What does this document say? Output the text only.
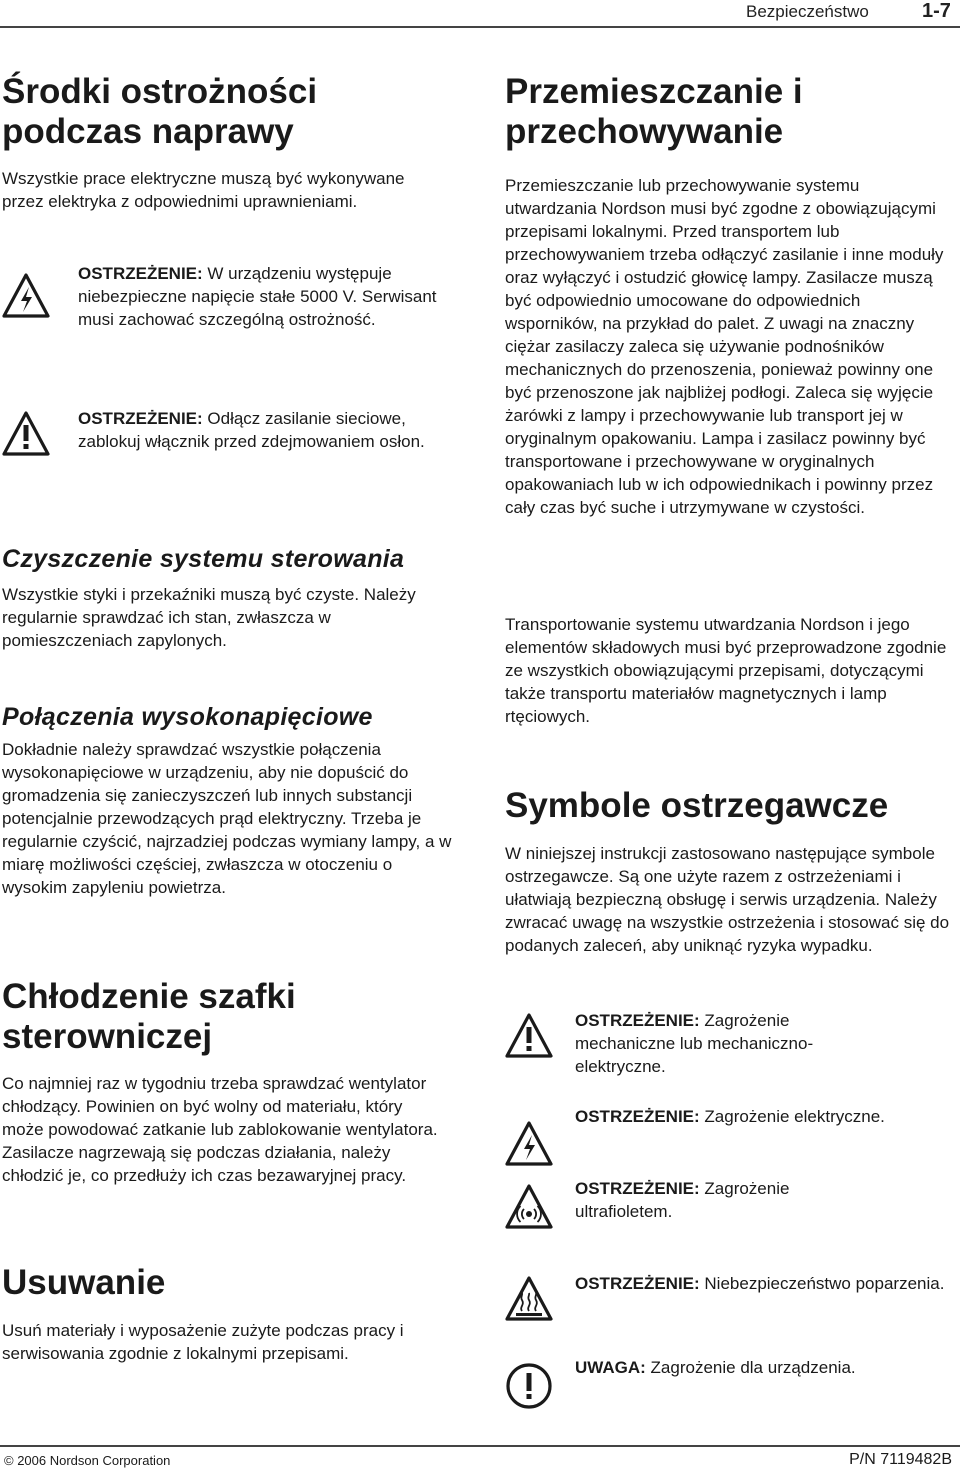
Bezpieczeństwo	1-7
Środki ostrożności podczas naprawy

Wszystkie prace elektryczne muszą być wykonywane przez elektryka z odpowiednimi uprawnieniami.

OSTRZEŻENIE: W urządzeniu występuje niebezpieczne napięcie stałe 5000 V. Serwisant musi zachować szczególną ostrożność.

OSTRZEŻENIE: Odłącz zasilanie sieciowe, zablokuj włącznik przed zdejmowaniem osłon.

Czyszczenie systemu sterowania

Wszystkie styki i przekaźniki muszą być czyste. Należy regularnie sprawdzać ich stan, zwłaszcza w pomieszczeniach zapylonych.

Połączenia wysokonapięciowe

Dokładnie należy sprawdzać wszystkie połączenia wysokonapięciowe w urządzeniu, aby nie dopuścić do gromadzenia się zanieczyszczeń lub innych substancji potencjalnie przewodzących prąd elektryczny. Trzeba je regularnie czyścić, najrzadziej podczas wymiany lampy, a w miarę możliwości częściej, zwłaszcza w otoczeniu o wysokim zapyleniu powietrza.

Chłodzenie szafki sterowniczej

Co najmniej raz w tygodniu trzeba sprawdzać wentylator chłodzący. Powinien on być wolny od materiału, który może powodować zatkanie lub zablokowanie wentylatora. Zasilacze nagrzewają się podczas działania, należy chłodzić je, co przedłuży ich czas bezawaryjnej pracy.

Usuwanie

Usuń materiały i wyposażenie zużyte podczas pracy i serwisowania zgodnie z lokalnymi przepisami.

Przemieszczanie i przechowywanie

Przemieszczanie lub przechowywanie systemu utwardzania Nordson musi być zgodne z obowiązującymi przepisami lokalnymi. Przed transportem lub przechowywaniem trzeba odłączyć zasilanie i inne moduły oraz wyłączyć i ostudzić głowicę lampy. Zasilacze muszą być odpowiednio umocowane do odpowiednich wsporników, na przykład do palet. Z uwagi na znaczny ciężar zasilaczy zaleca się używanie podnośników mechanicznych do przenoszenia, ponieważ powinny one być przenoszone jak najbliżej podłogi. Zaleca się wyjęcie żarówki z lampy i przechowywanie lub transport jej w oryginalnym opakowaniu. Lampa i zasilacz powinny być transportowane i przechowywane w oryginalnych opakowaniach lub w ich odpowiednikach i powinny przez cały czas być suche i utrzymywane w czystości.

Transportowanie systemu utwardzania Nordson i jego elementów składowych musi być przeprowadzone zgodnie ze wszystkich obowiązującymi przepisami, dotyczącymi także transportu materiałów magnetycznych i lamp rtęciowych.

Symbole ostrzegawcze

W niniejszej instrukcji zastosowano następujące symbole ostrzegawcze. Są one użyte razem z ostrzeżeniami i ułatwiają bezpieczną obsługę i serwis urządzenia. Należy zwracać uwagę na wszystkie ostrzeżenia i stosować się do podanych zaleceń, aby uniknąć ryzyka wypadku.

OSTRZEŻENIE: Zagrożenie mechaniczne lub mechaniczno-elektryczne.

OSTRZEŻENIE: Zagrożenie elektryczne.

OSTRZEŻENIE: Zagrożenie ultrafioletem.

OSTRZEŻENIE: Niebezpieczeństwo poparzenia.

UWAGA: Zagrożenie dla urządzenia.

© 2006 Nordson Corporation	P/N 7119482B
